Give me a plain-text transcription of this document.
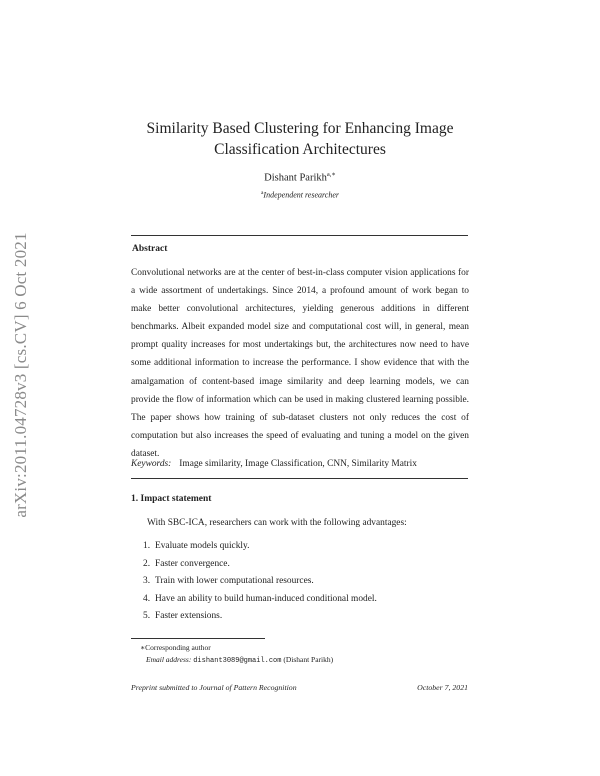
arXiv:2011.04728v3 [cs.CV] 6 Oct 2021
Similarity Based Clustering for Enhancing Image
Classification Architectures
Dishant Parikh$^{a,∗}$
$^a$Independent researcher
Abstract

Convolutional networks are at the center of best-in-class computer vision applications for a wide assortment of undertakings. Since 2014, a profound amount of work began to make better convolutional architectures, yielding generous additions in different benchmarks. Albeit expanded model size and computational cost will, in general, mean prompt quality increases for most undertakings but, the architectures now need to have some additional information to increase the performance. I show evidence that with the amalgamation of content-based image similarity and deep learning models, we can provide the flow of information which can be used in making clustered learning possible. The paper shows how training of sub-dataset clusters not only reduces the cost of computation but also increases the speed of evaluating and tuning a model on the given dataset.

Keywords: Image similarity, Image Classification, CNN, Similarity Matrix
1. Impact statement
With SBC-ICA, researchers can work with the following advantages:
1. Evaluate models quickly.
2. Faster convergence.
3. Train with lower computational resources.
4. Have an ability to build human-induced conditional model.
5. Faster extensions.
∗Corresponding author
Email address: dishant3089@gmail.com (Dishant Parikh)
Preprint submitted to Journal of Pattern Recognition	October 7, 2021
